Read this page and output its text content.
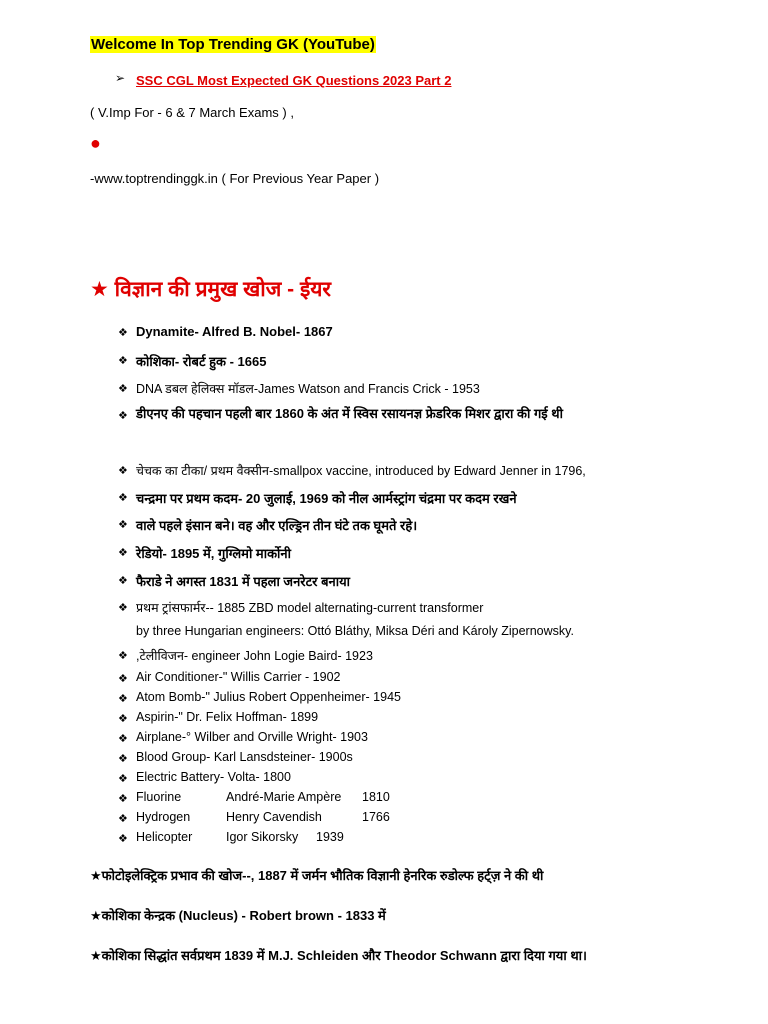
Welcome In Top Trending GK (YouTube)
➢ SSC CGL Most Expected GK Questions 2023 Part 2
( V.Imp For - 6 & 7 March Exams ) ,
●
-www.toptrendinggk.in ( For Previous Year Paper )
★ विज्ञान की प्रमुख खोज - ईयर
❖ Dynamite- Alfred B. Nobel- 1867
❖ कोशिका- रोबर्ट हुक - 1665
❖ DNA डबल हेलिक्स मॉडल-James Watson and Francis Crick - 1953
❖ डीएनए की पहचान पहली बार 1860 के अंत में स्विस रसायनज्ञ फ्रेडरिक मिशर द्वारा की गई थी
❖ चेचक का टीका/ प्रथम वैक्सीन-smallpox vaccine, introduced by Edward Jenner in 1796,
❖ चन्द्रमा पर प्रथम कदम- 20 जुलाई, 1969 को नील आर्मस्ट्रांग चंद्रमा पर कदम रखने
❖ वाले पहले इंसान बने। वह और एल्ड्रिन तीन घंटे तक घूमते रहे।
❖ रेडियो- 1895 में, गुग्लिमो मार्कोनी
❖ फैराडे ने अगस्त 1831 में पहला जनरेटर बनाया
❖ प्रथम ट्रांसफार्मर-- 1885 ZBD model alternating-current transformer
by three Hungarian engineers: Ottó Bláthy, Miksa Déri and Károly Zipernowsky.
❖ ,टेलीविजन- engineer John Logie Baird- 1923
❖ Air Conditioner-" Willis Carrier - 1902
❖ Atom Bomb-" Julius Robert Oppenheimer- 1945
❖ Aspirin-" Dr. Felix Hoffman- 1899
❖ Airplane-° Wilber and Orville Wright- 1903
❖ Blood Group- Karl Lansdsteiner- 1900s
❖ Electric Battery- Volta- 1800
❖ Fluorine	André-Marie Ampère 1810
❖ Hydrogen	Henry Cavendish	1766
❖ Helicopter	Igor Sikorsky 1939
★फोटोइलेक्ट्रिक प्रभाव की खोज--, 1887 में जर्मन भौतिक विज्ञानी हेनरिक रुडोल्फ हर्ट्ज़ ने की थी
★कोशिका केन्द्रक (Nucleus) - Robert brown - 1833 में
★कोशिका सिद्धांत सर्वप्रथम 1839 में M.J. Schleiden और Theodor Schwann द्वारा दिया गया था।
